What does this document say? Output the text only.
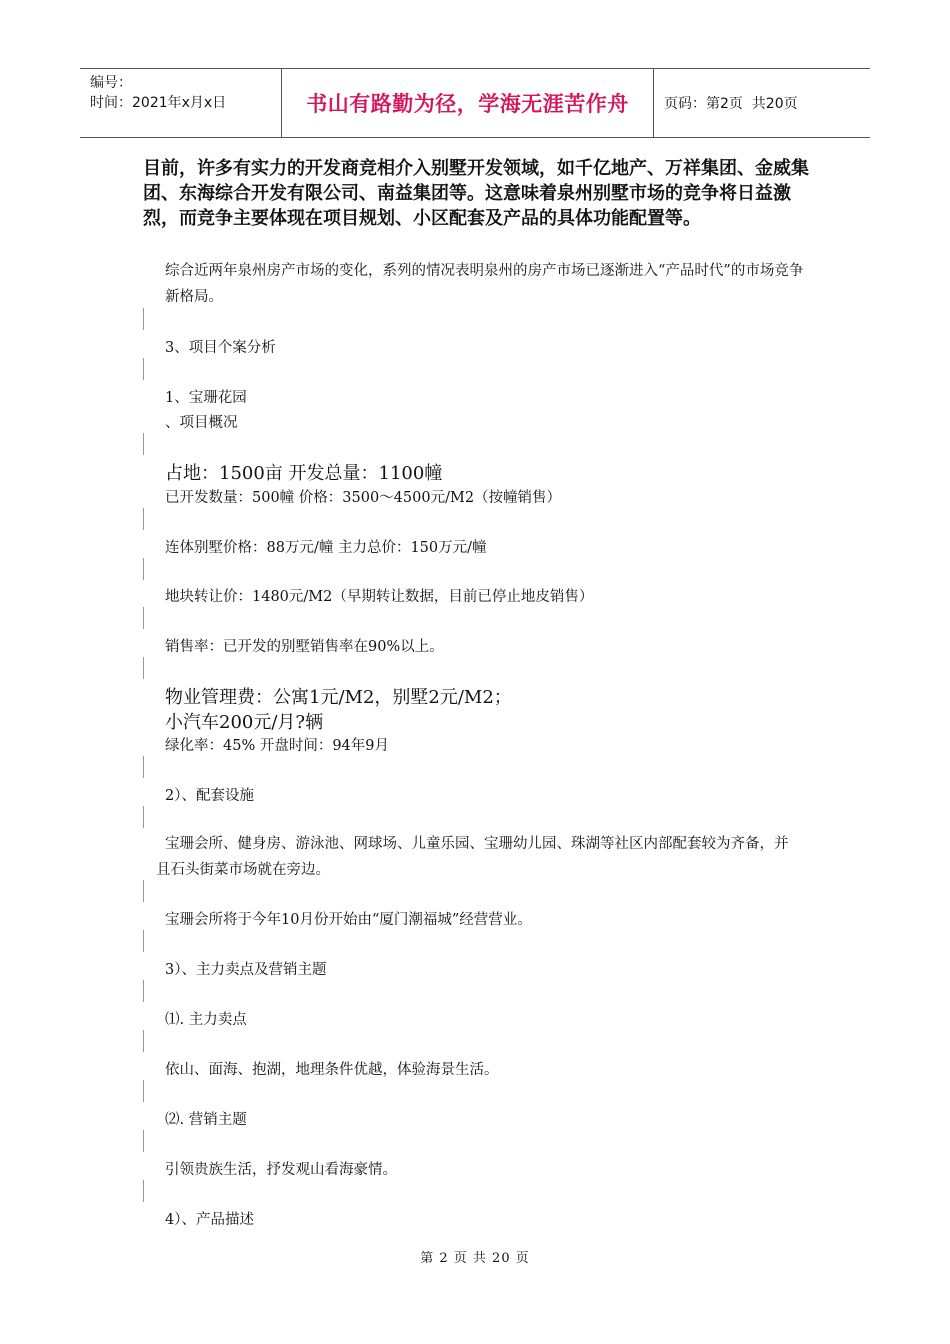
编号：
时间：2021年x月x日	书山有路勤为径，学海无涯苦作舟	页码：第2页  共20页

目前，许多有实力的开发商竞相介入别墅开发领域，如千亿地产、万祥集团、金威集团、东海综合开发有限公司、南益集团等。这意味着泉州别墅市场的竞争将日益激烈，而竞争主要体现在项目规划、小区配套及产品的具体功能配置等。

综合近两年泉州房产市场的变化，系列的情况表明泉州的房产市场已逐渐进入“产品时代”的市场竞争新格局。

3、项目个案分析

1、宝珊花园

、项目概况

占地：1500亩 开发总量：1100幢

已开发数量：500幢 价格：3500～4500元/M2（按幢销售）

连体别墅价格：88万元/幢 主力总价：150万元/幢

地块转让价：1480元/M2（早期转让数据，目前已停止地皮销售）

销售率：已开发的别墅销售率在90%以上。

物业管理费：公寓1元/M2，别墅2元/M2；

小汽车200元/月?辆

绿化率：45% 开盘时间：94年9月

2）、配套设施

宝珊会所、健身房、游泳池、网球场、儿童乐园、宝珊幼儿园、珠湖等社区内部配套较为齐备，并且石头街菜市场就在旁边。

宝珊会所将于今年10月份开始由“厦门潮福城”经营营业。

3）、主力卖点及营销主题

⑴. 主力卖点

依山、面海、抱湖，地理条件优越，体验海景生活。

⑵. 营销主题

引领贵族生活，抒发观山看海豪情。

4）、产品描述

第 2 页 共 20 页
